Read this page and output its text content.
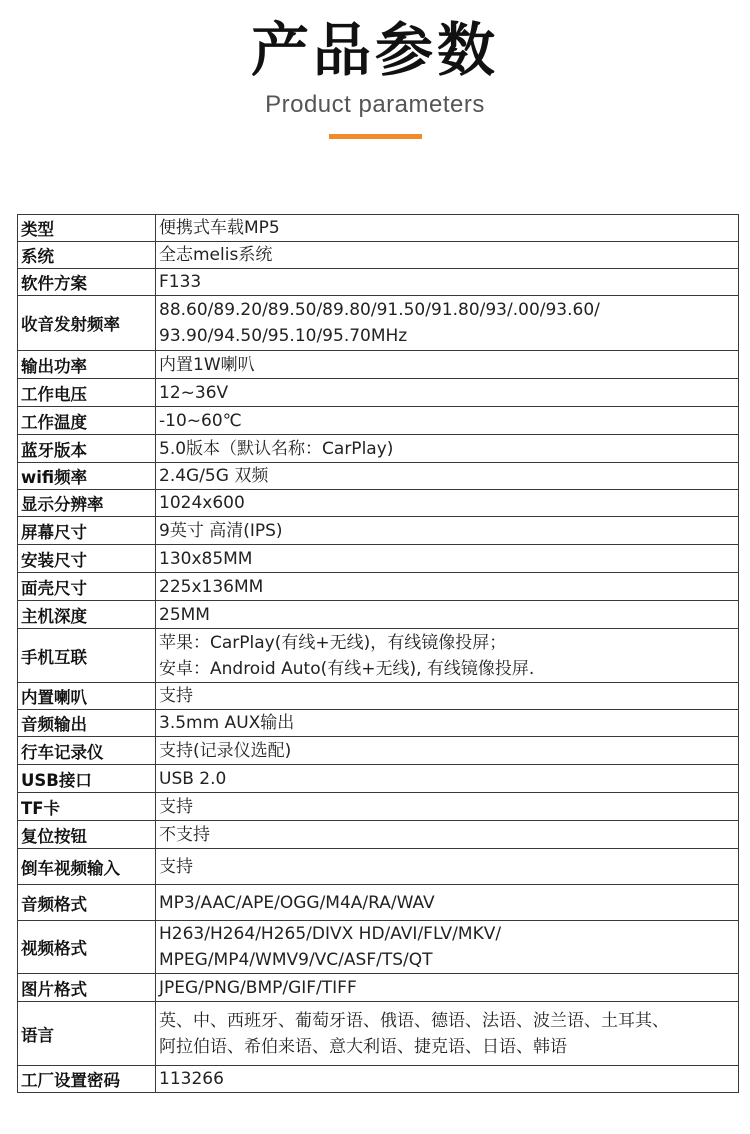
产品参数
Product parameters
类型	便携式车载MP5

系统	全志melis系统

软件方案	F133

收音发射频率	88.60/89.20/89.50/89.80/91.50/91.80/93/.00/93.60/
93.90/94.50/95.10/95.70MHz

输出功率	内置1W喇叭

工作电压	12~36V

工作温度	-10~60℃

蓝牙版本	5.0版本（默认名称：CarPlay)

wifi频率	2.4G/5G 双频

显示分辨率	1024x600

屏幕尺寸	9英寸 高清(IPS)

安装尺寸	130x85MM

面壳尺寸	225x136MM

主机深度	25MM

手机互联	苹果：CarPlay(有线+无线)，有线镜像投屏；
安卓：Android Auto(有线+无线), 有线镜像投屏.

内置喇叭	支持

音频输出	3.5mm AUX输出

行车记录仪	支持(记录仪选配)

USB接口	USB 2.0

TF卡	支持

复位按钮	不支持

倒车视频输入	支持

音频格式	MP3/AAC/APE/OGG/M4A/RA/WAV

视频格式	H263/H264/H265/DIVX HD/AVI/FLV/MKV/
MPEG/MP4/WMV9/VC/ASF/TS/QT

图片格式	JPEG/PNG/BMP/GIF/TIFF

语言	英、中、西班牙、葡萄牙语、俄语、德语、法语、波兰语、土耳其、
阿拉伯语、希伯来语、意大利语、捷克语、日语、韩语

工厂设置密码	113266
